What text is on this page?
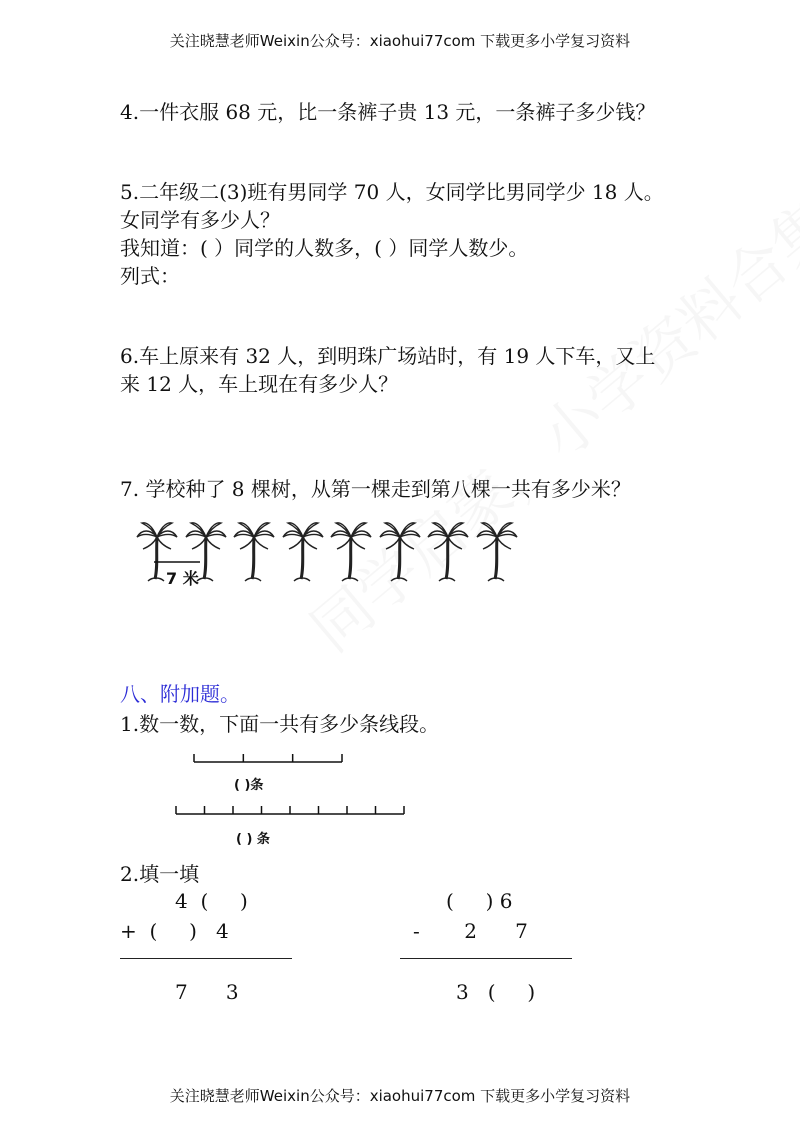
关注晓慧老师Weixin公众号：xiaohui77com 下载更多小学复习资料
4.一件衣服 68 元，比一条裤子贵 13 元，一条裤子多少钱？
5.二年级二(3)班有男同学 70 人，女同学比男同学少 18 人。
女同学有多少人？
我知道：( ）同学的人数多，( ）同学人数少。
列式：
6.车上原来有 32 人，到明珠广场站时，有 19 人下车，又上
来 12 人，车上现在有多少人？
7. 学校种了 8 棵树，从第一棵走到第八棵一共有多少米？
7 米
八、附加题。
1.数一数，下面一共有多少条线段。
( )条
( ) 条
2.填一填
4  (     )
+  (     )   4
7      3
(     ) 6
-       2      7
3   (     )
关注晓慧老师Weixin公众号：xiaohui77com 下载更多小学复习资料
